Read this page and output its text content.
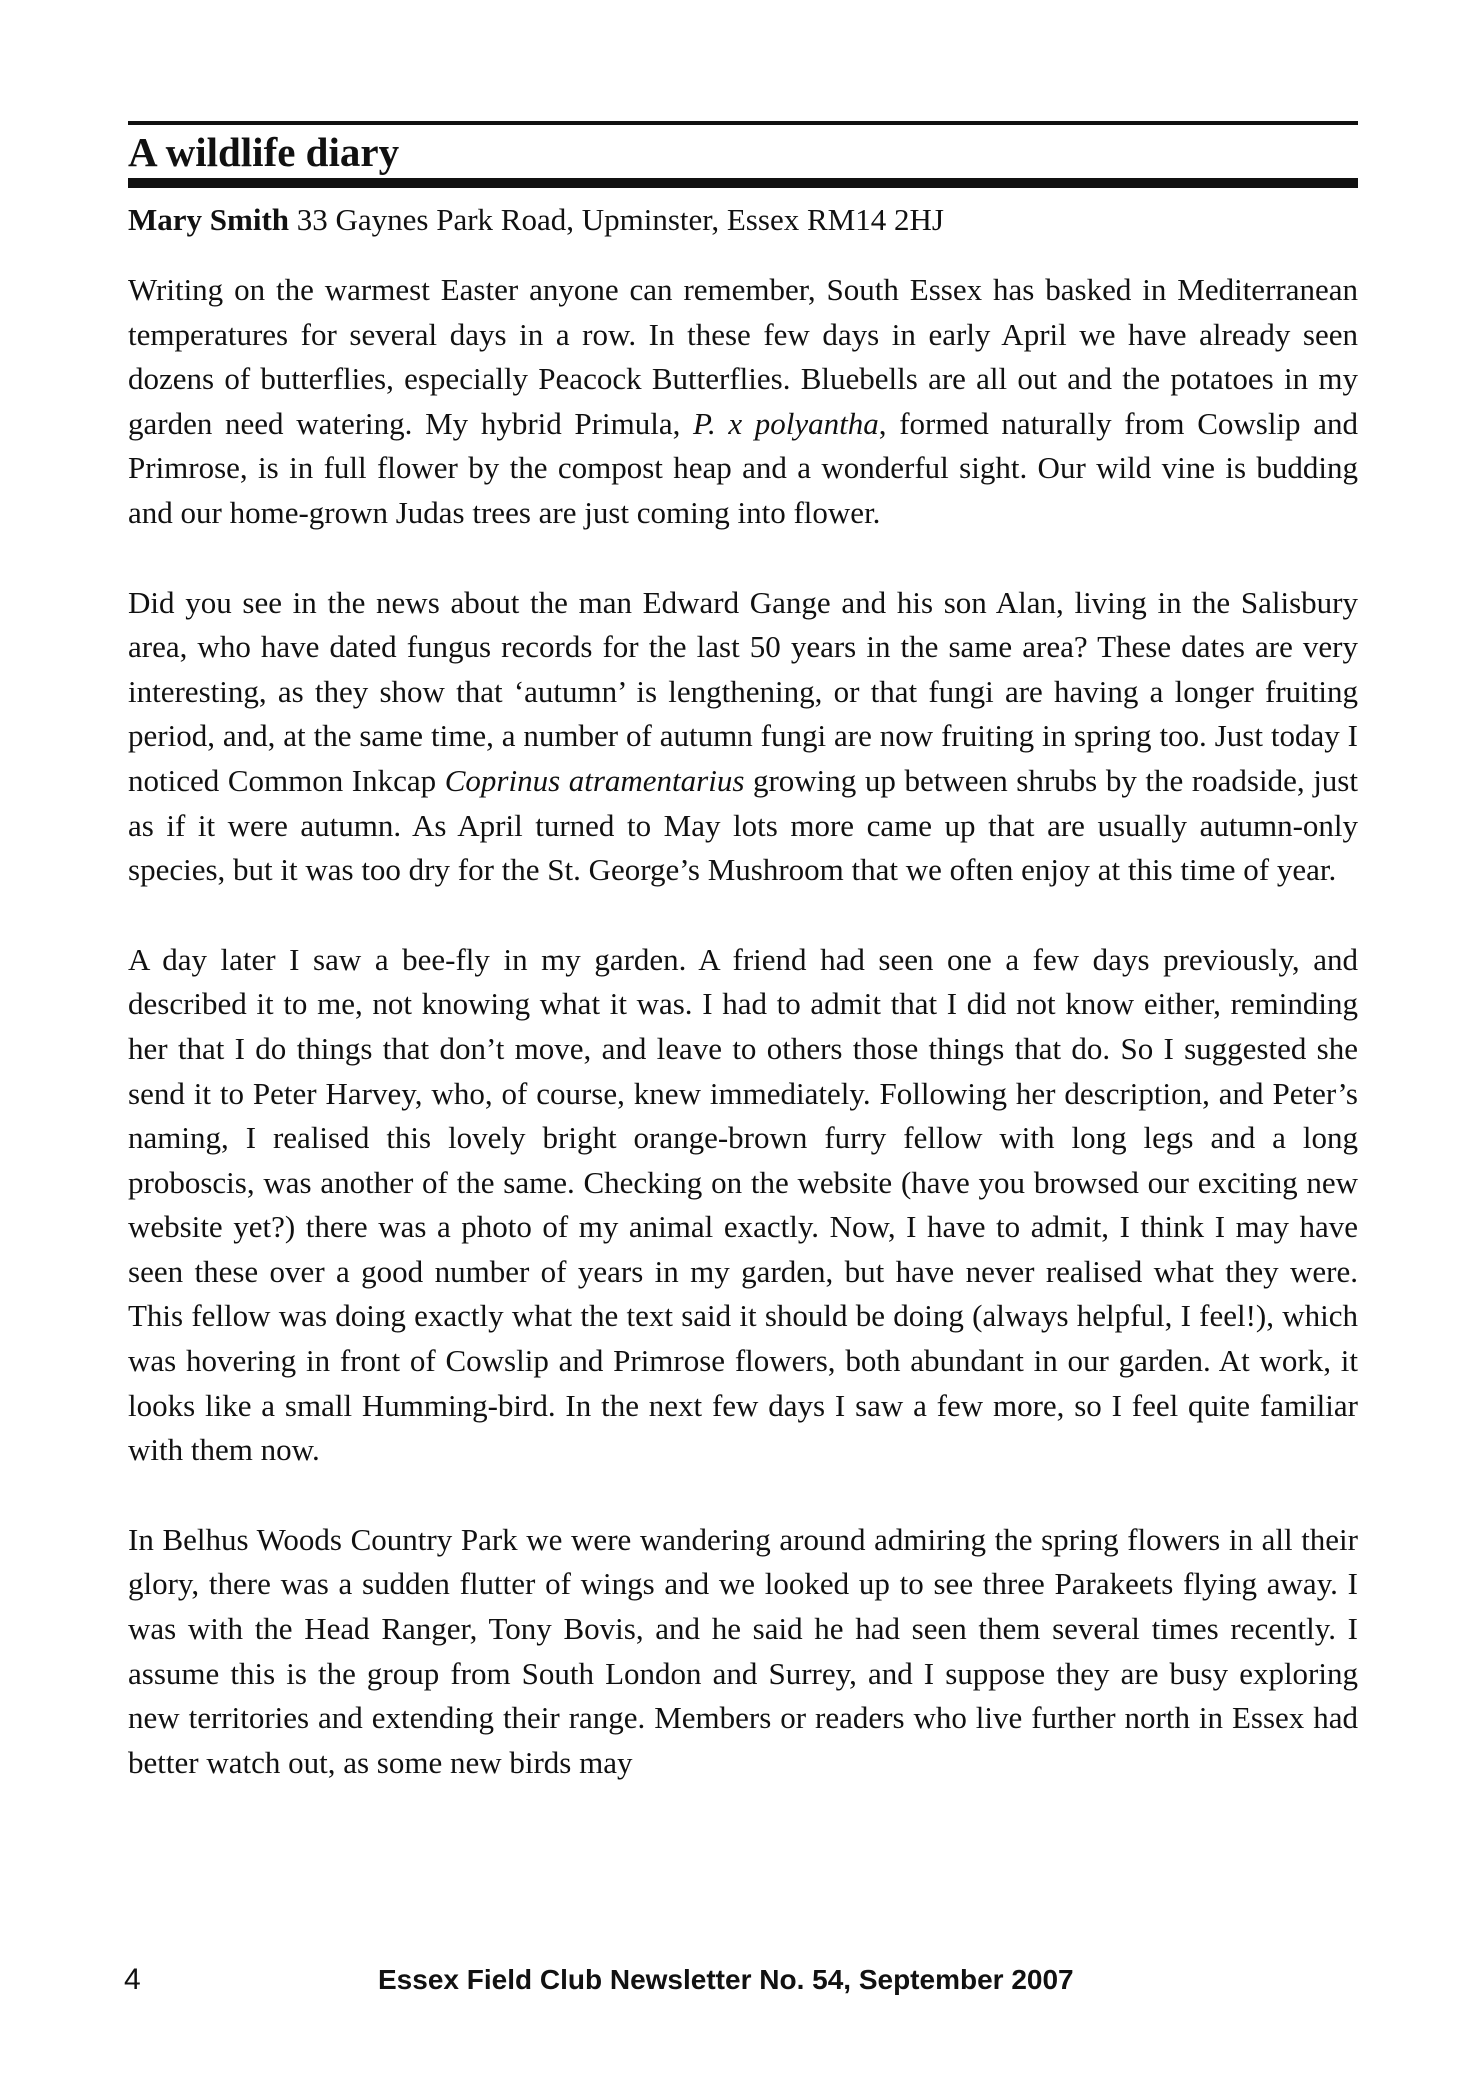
A wildlife diary

Mary Smith 33 Gaynes Park Road, Upminster, Essex RM14 2HJ

Writing on the warmest Easter anyone can remember, South Essex has basked in Mediterranean temperatures for several days in a row. In these few days in early April we have already seen dozens of butterflies, especially Peacock Butterflies. Bluebells are all out and the potatoes in my garden need watering. My hybrid Primula, P. x polyantha, formed naturally from Cowslip and Primrose, is in full flower by the compost heap and a wonderful sight. Our wild vine is budding and our home-grown Judas trees are just coming into flower.

Did you see in the news about the man Edward Gange and his son Alan, living in the Salisbury area, who have dated fungus records for the last 50 years in the same area? These dates are very interesting, as they show that ‘autumn’ is lengthening, or that fungi are having a longer fruiting period, and, at the same time, a number of autumn fungi are now fruiting in spring too. Just today I noticed Common Inkcap Coprinus atramentarius growing up between shrubs by the roadside, just as if it were autumn. As April turned to May lots more came up that are usually autumn-only species, but it was too dry for the St. George’s Mushroom that we often enjoy at this time of year.

A day later I saw a bee-fly in my garden. A friend had seen one a few days previously, and described it to me, not knowing what it was. I had to admit that I did not know either, reminding her that I do things that don’t move, and leave to others those things that do. So I suggested she send it to Peter Harvey, who, of course, knew immediately. Following her description, and Peter’s naming, I realised this lovely bright orange-brown furry fellow with long legs and a long proboscis, was another of the same. Checking on the website (have you browsed our exciting new website yet?) there was a photo of my animal exactly. Now, I have to admit, I think I may have seen these over a good number of years in my garden, but have never realised what they were. This fellow was doing exactly what the text said it should be doing (always helpful, I feel!), which was hovering in front of Cowslip and Primrose flowers, both abundant in our garden. At work, it looks like a small Humming-bird. In the next few days I saw a few more, so I feel quite familiar with them now.

In Belhus Woods Country Park we were wandering around admiring the spring flowers in all their glory, there was a sudden flutter of wings and we looked up to see three Parakeets flying away. I was with the Head Ranger, Tony Bovis, and he said he had seen them several times recently. I assume this is the group from South London and Surrey, and I suppose they are busy exploring new territories and extending their range. Members or readers who live further north in Essex had better watch out, as some new birds may

4	Essex Field Club Newsletter No. 54, September 2007
